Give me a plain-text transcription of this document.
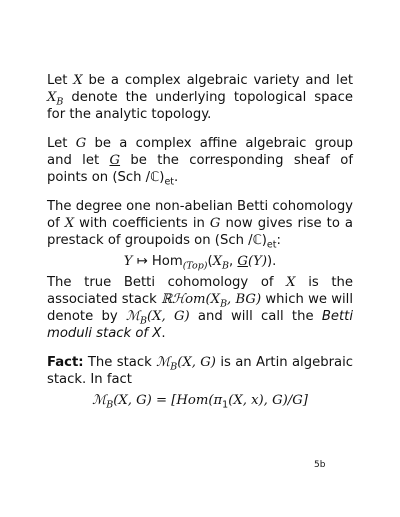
Let X be a complex algebraic variety and let $X_B$ denote the underlying topological space for the analytic topology.

Let G be a complex affine algebraic group and let G be the corresponding sheaf of points on (Sch $/ℂ)_{et}$.

The degree one non-abelian Betti cohomology of X with coefficients in G now gives rise to a prestack of groupoids on (Sch $/ℂ)_{et}$:

Y ↦ $Hom_{(Top)}(X_B$, G(Y)).

The true Betti cohomology of X is the associated stack $ℝℋom(X_B$, BG) which we will denote by ℳ$_B$(X, G) and will call the Betti moduli stack of X.

Fact: The stack ℳ$_B$(X, G) is an Artin algebraic stack. In fact

ℳ$_B$(X, $G) = [Hom(\pi_1(X$, x), G)/G]
5b
